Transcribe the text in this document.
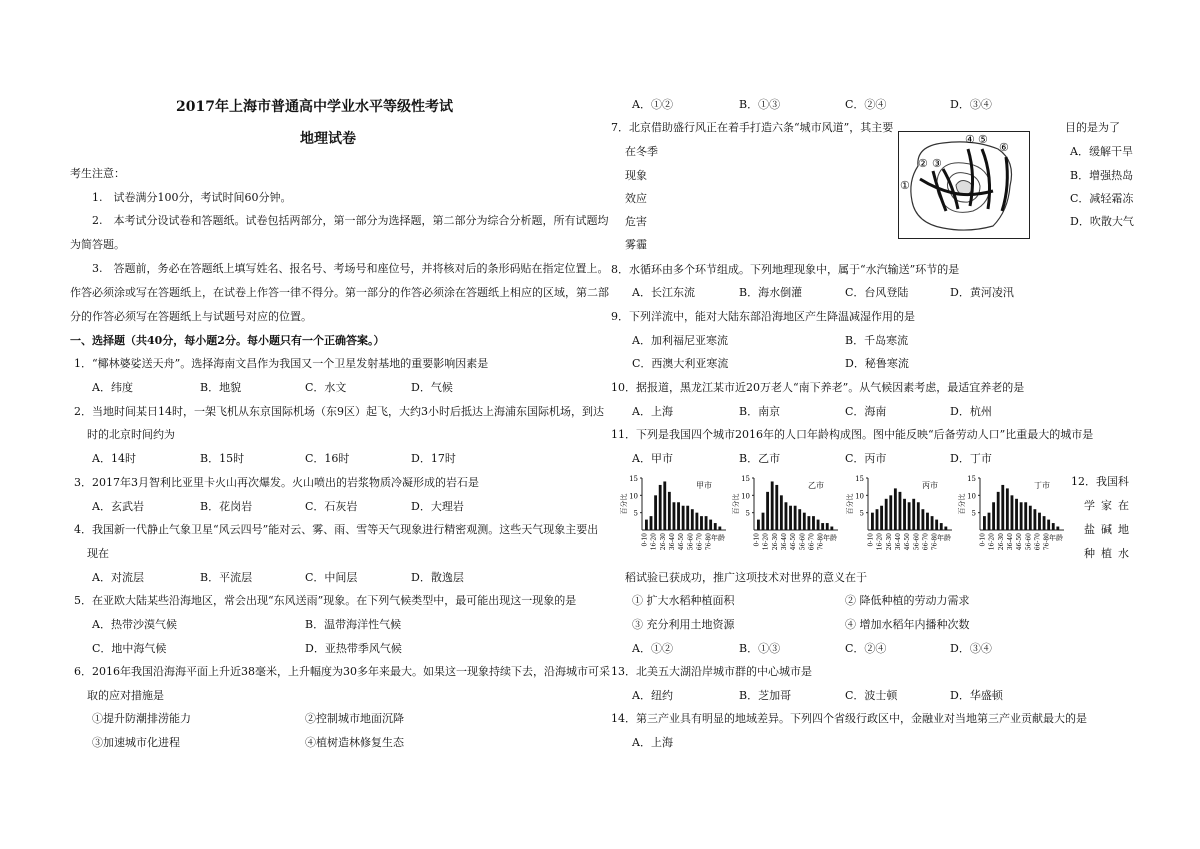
2017年上海市普通高中学业水平等级性考试
地理试卷
考生注意：
1.　试卷满分100分，考试时间60分钟。
2.　本考试分设试卷和答题纸。试卷包括两部分，第一部分为选择题，第二部分为综合分析题，所有试题均
为简答题。
3.　答题前，务必在答题纸上填写姓名、报名号、考场号和座位号，并将核对后的条形码贴在指定位置上。
作答必须涂或写在答题纸上，在试卷上作答一律不得分。第一部分的作答必须涂在答题纸上相应的区域，第二部
分的作答必须写在答题纸上与试题号对应的位置。
一、选择题（共40分，每小题2分。每小题只有一个正确答案。）
1．“椰林婆娑送天舟”。选择海南文昌作为我国又一个卫星发射基地的重要影响因素是
A．纬度	B．地貌	C．水文	D．气候
2．当地时间某日14时，一架飞机从东京国际机场（东9区）起飞，大约3小时后抵达上海浦东国际机场，到达
时的北京时间约为
A．14时	B．15时	C．16时	D．17时
3．2017年3月智利比亚里卡火山再次爆发。火山喷出的岩浆物质冷凝形成的岩石是
A．玄武岩	B．花岗岩	C．石灰岩	D．大理岩
4．我国新一代静止气象卫星“风云四号”能对云、雾、雨、雪等天气现象进行精密观测。这些天气现象主要出
现在
A．对流层	B．平流层	C．中间层	D．散逸层
5．在亚欧大陆某些沿海地区，常会出现“东风送雨”现象。在下列气候类型中，最可能出现这一现象的是
A．热带沙漠气候	B．温带海洋性气候
C．地中海气候	D．亚热带季风气候
6．2016年我国沿海海平面上升近38毫米，上升幅度为30多年来最大。如果这一现象持续下去，沿海城市可采
取的应对措施是
①提升防潮排涝能力	②控制城市地面沉降
③加速城市化进程	④植树造林修复生态
A．①②	B．①③	C．②④	D．③④
7．北京借助盛行风正在着手打造六条“城市风道”，其主要	目的是为了
在冬季
现象
效应
危害
雾霾
A．缓解干旱
B．增强热岛
C．减轻霜冻
D．吹散大气
①
② ③
④ ⑤
⑥
8．水循环由多个环节组成。下列地理现象中，属于“水汽输送”环节的是
A．长江东流	B．海水倒灌	C．台风登陆	D．黄河凌汛
9．下列洋流中，能对大陆东部沿海地区产生降温减湿作用的是
A．加利福尼亚寒流	B．千岛寒流
C．西澳大利亚寒流	D．秘鲁寒流
10．据报道，黑龙江某市近20万老人“南下养老”。从气候因素考虑，最适宜养老的是
A．上海	B．南京	C．海南	D．杭州
11．下列是我国四个城市2016年的人口年龄构成图。图中能反映“后备劳动人口”比重最大的城市是
A．甲市	B．乙市	C．丙市	D．丁市
15
10
5
百分比
甲市
0-10 16-20 26-30 36-40 46-50 56-60 66-70 76-80
年龄
15
10
5
百分比
乙市
0-10 16-20 26-30 36-40 46-50 56-60 66-70 76-80
年龄
15
10
5
百分比
丙市
0-10 16-20 26-30 36-40 46-50 56-60 66-70 76-80
年龄
15
10
5
百分比
丁市
0-10 16-20 26-30 36-40 46-50 56-60 66-70 76-80
年龄
12．我国科
学家在
盐碱地
种植水
稻试验已获成功，推广这项技术对世界的意义在于
① 扩大水稻种植面积	② 降低种植的劳动力需求
③ 充分利用土地资源	④ 增加水稻年内播种次数
A．①②	B．①③	C．②④	D．③④
13．北美五大湖沿岸城市群的中心城市是
A．纽约	B．芝加哥	C．波士顿	D．华盛顿
14．第三产业具有明显的地域差异。下列四个省级行政区中，金融业对当地第三产业贡献最大的是
A．上海
